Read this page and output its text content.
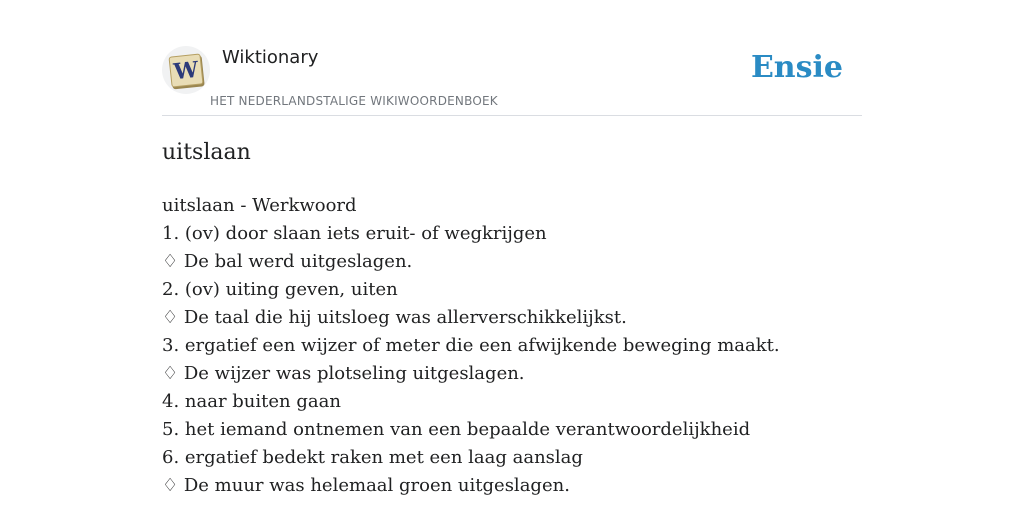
W Wiktionary
HET NEDERLANDSTALIGE WIKIWOORDENBOEK
Ensie
uitslaan
uitslaan - Werkwoord
1. (ov) door slaan iets eruit- of wegkrijgen
♢ De bal werd uitgeslagen.
2. (ov) uiting geven, uiten
♢ De taal die hij uitsloeg was allerverschikkelijkst.
3. ergatief een wijzer of meter die een afwijkende beweging maakt.
♢ De wijzer was plotseling uitgeslagen.
4. naar buiten gaan
5. het iemand ontnemen van een bepaalde verantwoordelijkheid
6. ergatief bedekt raken met een laag aanslag
♢ De muur was helemaal groen uitgeslagen.
